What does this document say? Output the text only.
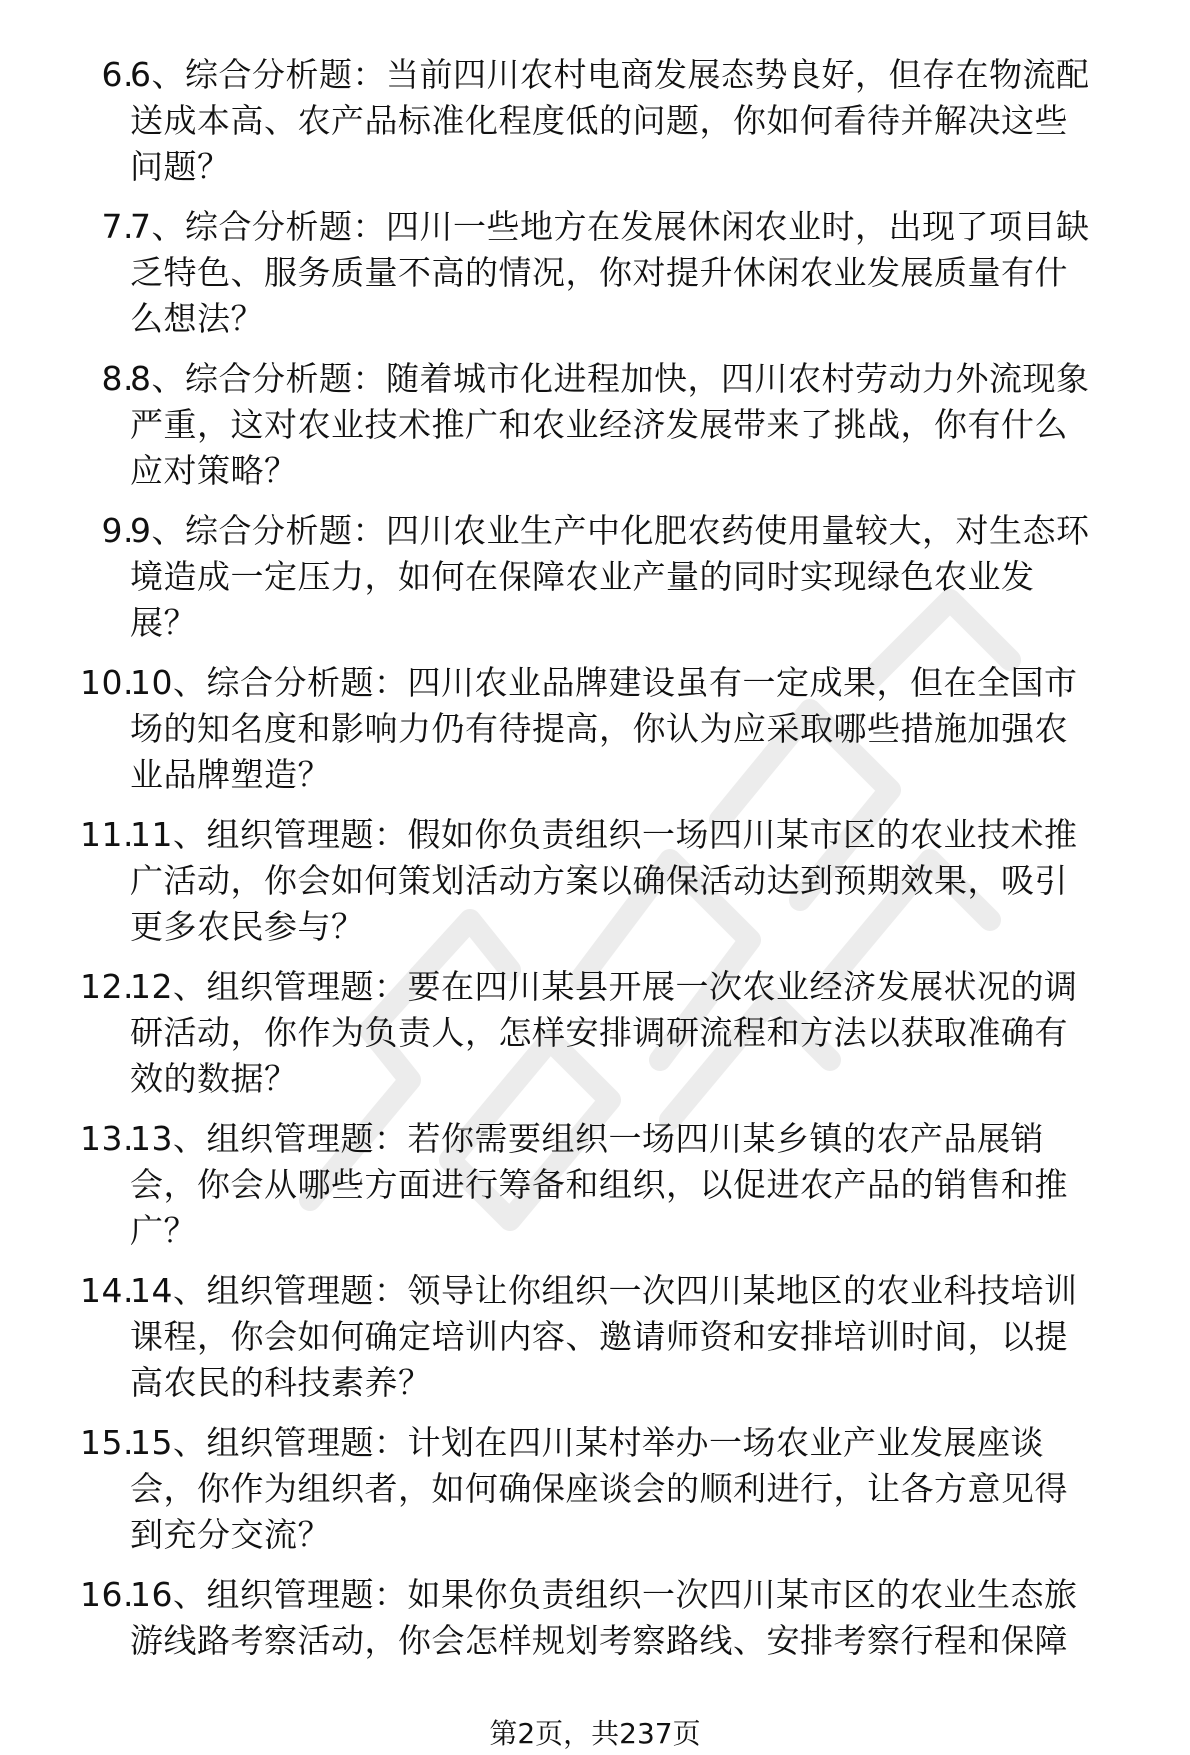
6.

6、综合分析题：当前四川农村电商发展态势良好，但存在物流配
送成本高、农产品标准化程度低的问题，你如何看待并解决这些
问题？

7.

7、综合分析题：四川一些地方在发展休闲农业时，出现了项目缺
乏特色、服务质量不高的情况，你对提升休闲农业发展质量有什
么想法？

8.

8、综合分析题：随着城市化进程加快，四川农村劳动力外流现象
严重，这对农业技术推广和农业经济发展带来了挑战，你有什么
应对策略？

9.

9、综合分析题：四川农业生产中化肥农药使用量较大，对生态环
境造成一定压力，如何在保障农业产量的同时实现绿色农业发
展？

10.

10、综合分析题：四川农业品牌建设虽有一定成果，但在全国市
场的知名度和影响力仍有待提高，你认为应采取哪些措施加强农
业品牌塑造？

11.

11、组织管理题：假如你负责组织一场四川某市区的农业技术推
广活动，你会如何策划活动方案以确保活动达到预期效果，吸引
更多农民参与？

12.

12、组织管理题：要在四川某县开展一次农业经济发展状况的调
研活动，你作为负责人，怎样安排调研流程和方法以获取准确有
效的数据？

13.

13、组织管理题：若你需要组织一场四川某乡镇的农产品展销
会，你会从哪些方面进行筹备和组织，以促进农产品的销售和推
广？

14.

14、组织管理题：领导让你组织一次四川某地区的农业科技培训
课程，你会如何确定培训内容、邀请师资和安排培训时间，以提
高农民的科技素养？

15.

15、组织管理题：计划在四川某村举办一场农业产业发展座谈
会，你作为组织者，如何确保座谈会的顺利进行，让各方意见得
到充分交流？

16.

16、组织管理题：如果你负责组织一次四川某市区的农业生态旅
游线路考察活动，你会怎样规划考察路线、安排考察行程和保障

第2页，共237页
